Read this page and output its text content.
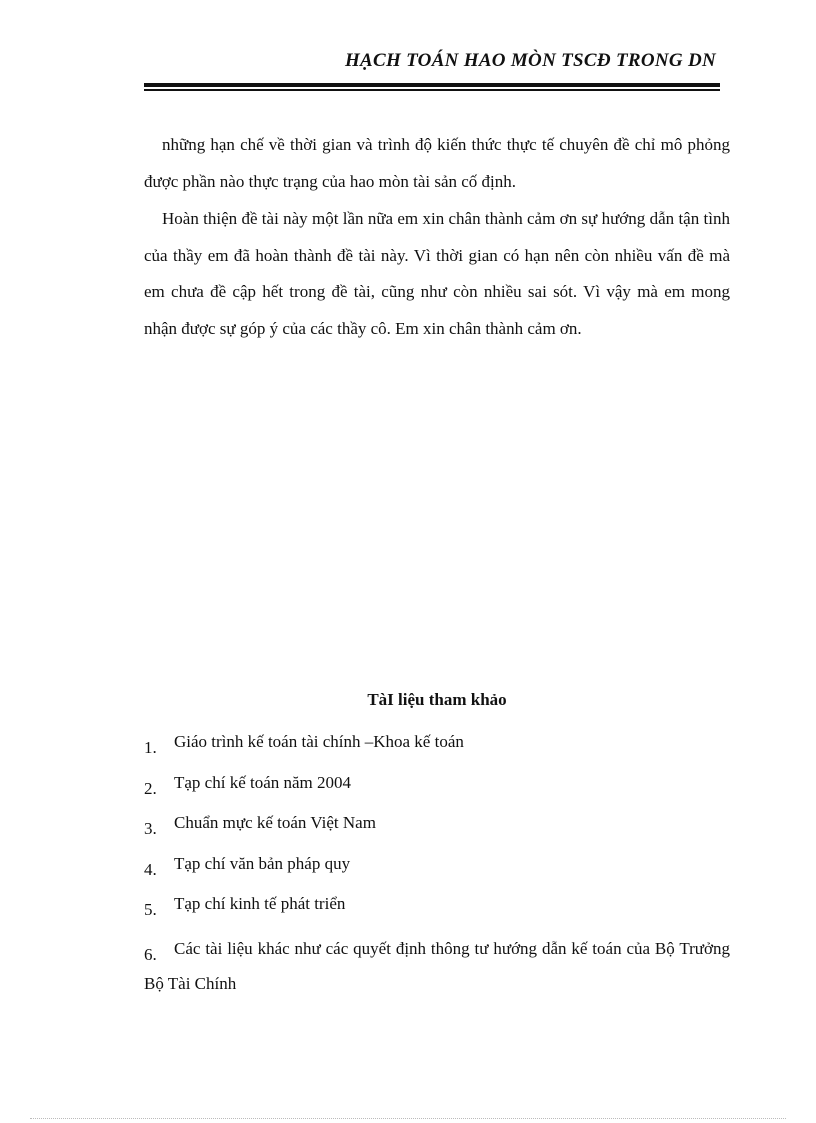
HẠCH TOÁN HAO MÒN TSCĐ TRONG DN

những hạn chế về thời gian và trình độ kiến thức thực tế chuyên đề chỉ mô phỏng được phần nào thực trạng của hao mòn tài sản cố định.

Hoàn thiện đề tài này một lần nữa em xin chân thành cảm ơn sự hướng dẫn tận tình của thầy em đã hoàn thành đề tài này. Vì thời gian có hạn nên còn nhiều vấn đề mà em chưa đề cập hết trong đề tài, cũng như còn nhiều sai sót. Vì vậy mà em mong nhận được sự góp ý của các thầy cô. Em xin chân thành cảm ơn.

TàI liệu tham khảo
1. Giáo trình kế toán tài chính –Khoa kế toán
2. Tạp chí kế toán năm 2004
3. Chuẩn mực kế toán Việt Nam
4. Tạp chí văn bản pháp quy
5. Tạp chí kinh tế phát triển
6. Các tài liệu khác như các quyết định thông tư hướng dẫn kế toán của Bộ Trưởng Bộ Tài Chính
